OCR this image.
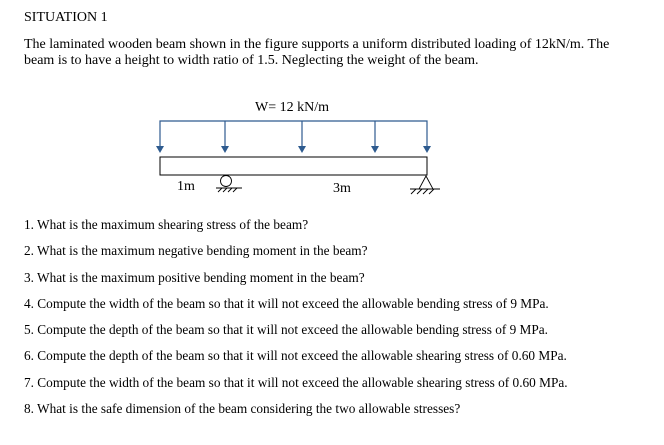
SITUATION 1
The laminated wooden beam shown in the figure supports a uniform distributed loading of 12kN/m. The
beam is to have a height to width ratio of 1.5. Neglecting the weight of the beam.
W= 12 kN/m
1m	3m
1. What is the maximum shearing stress of the beam?
2. What is the maximum negative bending moment in the beam?
3. What is the maximum positive bending moment in the beam?
4. Compute the width of the beam so that it will not exceed the allowable bending stress of 9 MPa.
5. Compute the depth of the beam so that it will not exceed the allowable bending stress of 9 MPa.
6. Compute the depth of the beam so that it will not exceed the allowable shearing stress of 0.60 MPa.
7. Compute the width of the beam so that it will not exceed the allowable shearing stress of 0.60 MPa.
8. What is the safe dimension of the beam considering the two allowable stresses?
